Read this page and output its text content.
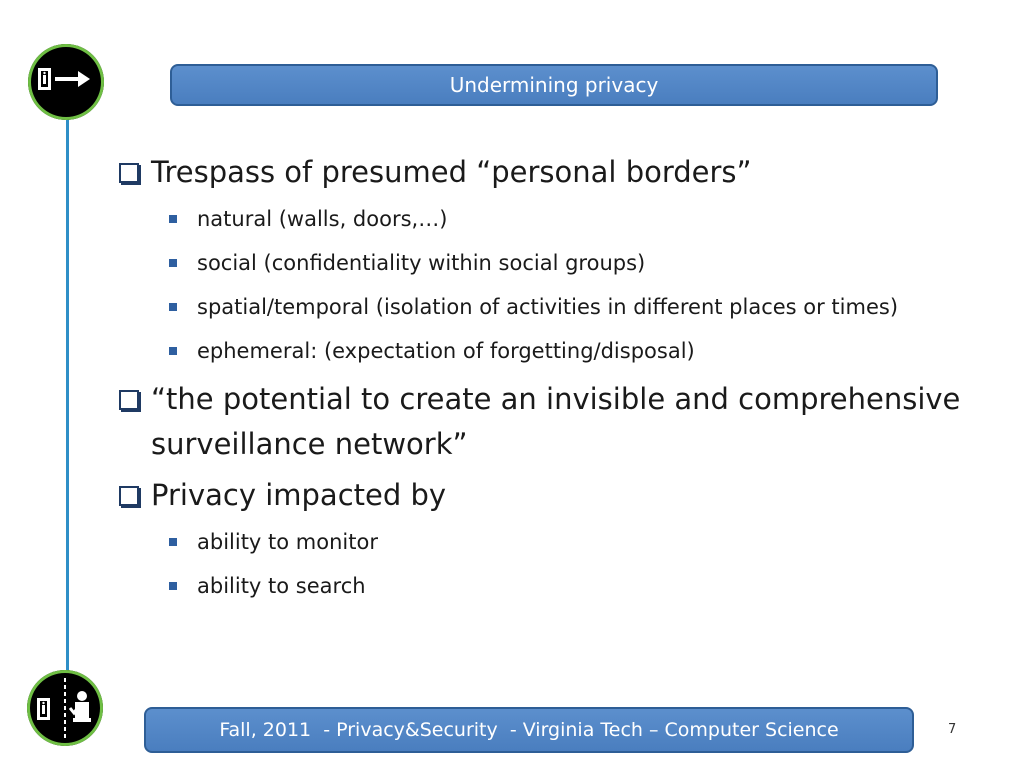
Undermining privacy
Trespass of presumed “personal borders”
natural (walls, doors,…)
social (confidentiality within social groups)
spatial/temporal (isolation of activities in different places or times)
ephemeral: (expectation of forgetting/disposal)
“the potential to create an invisible and comprehensive surveillance network”
Privacy impacted by
ability to monitor
ability to search
Fall, 2011  - Privacy&Security  - Virginia Tech – Computer Science	7
